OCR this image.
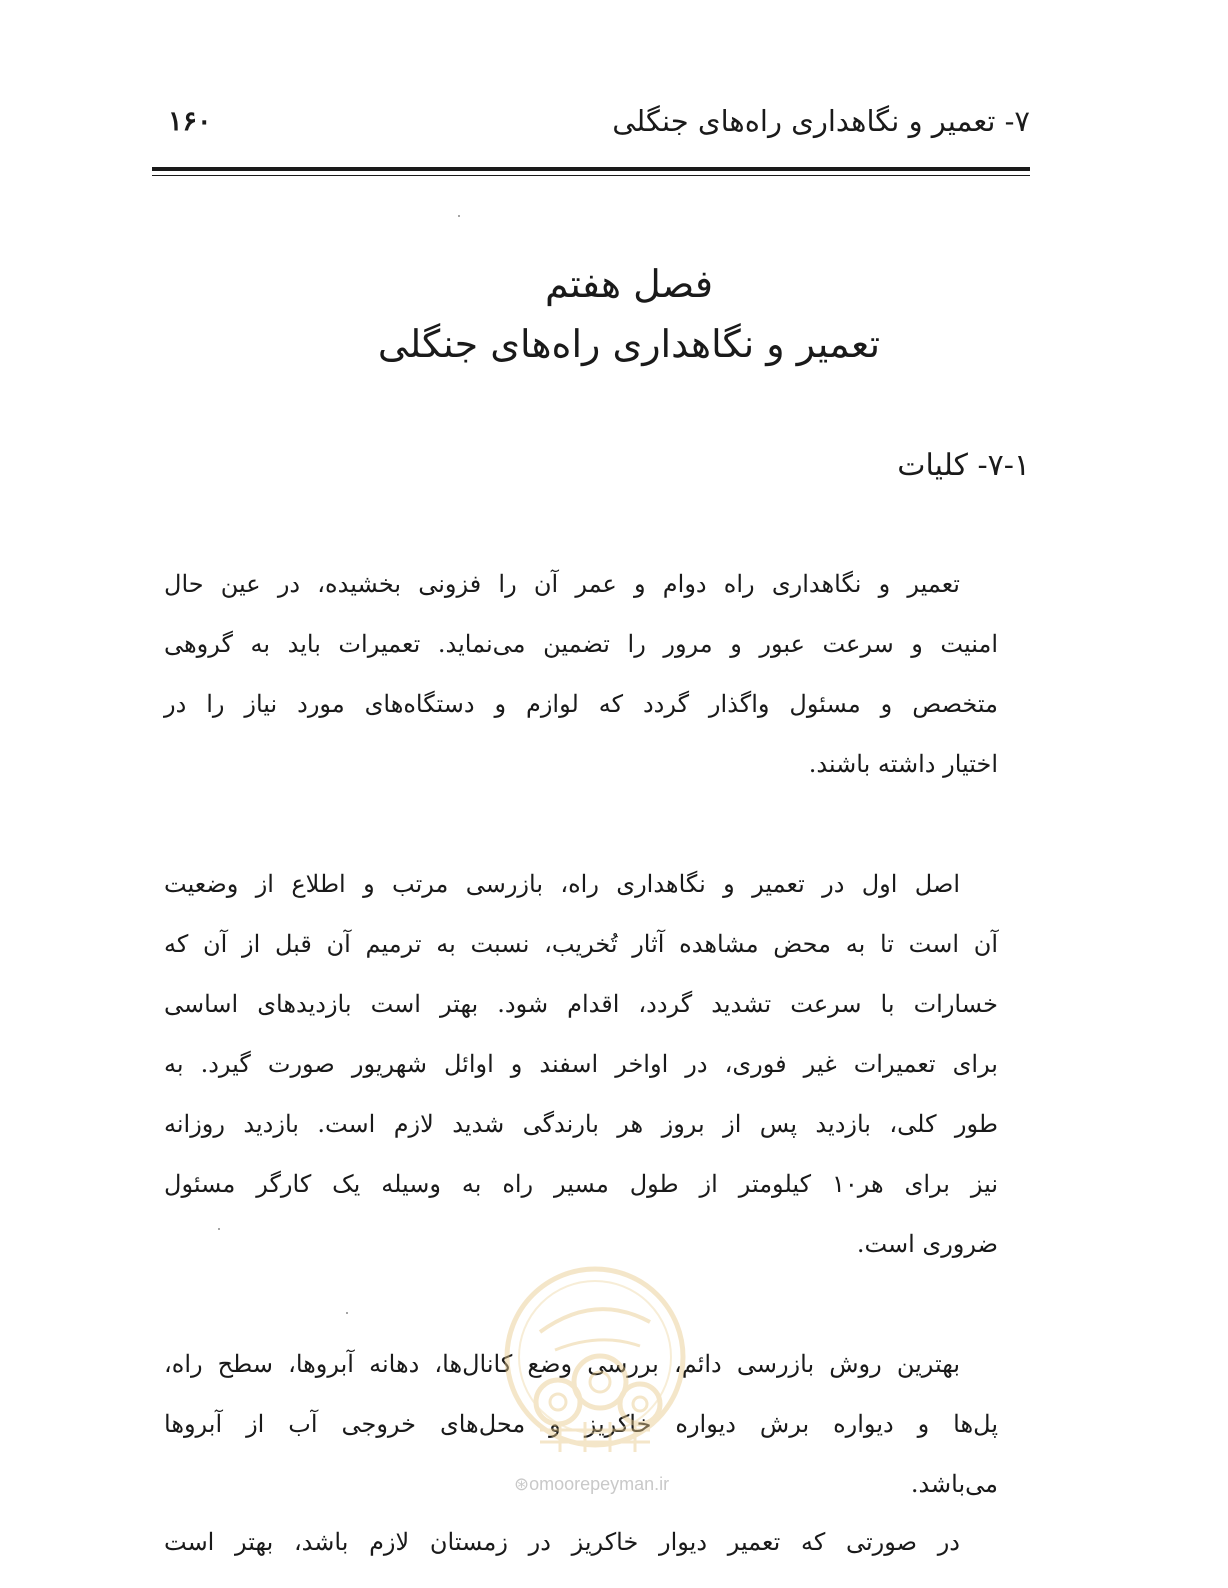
۷- تعمیر و نگاهداری راه‌های جنگلی
۱۶۰
فصل هفتم
تعمیر و نگاهداری راه‌های جنگلی
۷-۱- کلیات
تعمیر و نگاهداری راه دوام و عمر آن را فزونی بخشیده، در عین حال
امنیت و سرعت عبور و مرور را تضمین می‌نماید. تعمیرات باید به گروهی
متخصص و مسئول واگذار گردد که لوازم و دستگاه‌های مورد نیاز را در
اختیار داشته باشند.
اصل اول در تعمیر و نگاهداری راه، بازرسی مرتب و اطلاع از وضعیت
آن است تا به محض مشاهده آثار تُخریب، نسبت به ترمیم آن قبل از آن که
خسارات با سرعت تشدید گردد، اقدام شود. بهتر است بازدیدهای اساسی
برای تعمیرات غیر فوری، در اواخر اسفند و اوائل شهریور صورت گیرد. به
طور کلی، بازدید پس از بروز هر بارندگی شدید لازم است. بازدید روزانه
نیز برای هر۱۰ کیلومتر از طول مسیر راه به وسیله یک کارگر مسئول
ضروری است.
بهترین روش بازرسی دائم، بررسی وضع کانال‌ها، دهانه آبروها، سطح راه،
پل‌ها و دیواره برش دیواره خاکریز و محل‌های خروجی آب از آبروها
می‌باشد.
در صورتی که تعمیر دیوار خاکریز در زمستان لازم باشد، بهتر است
⊛omoorepeyman.ir
